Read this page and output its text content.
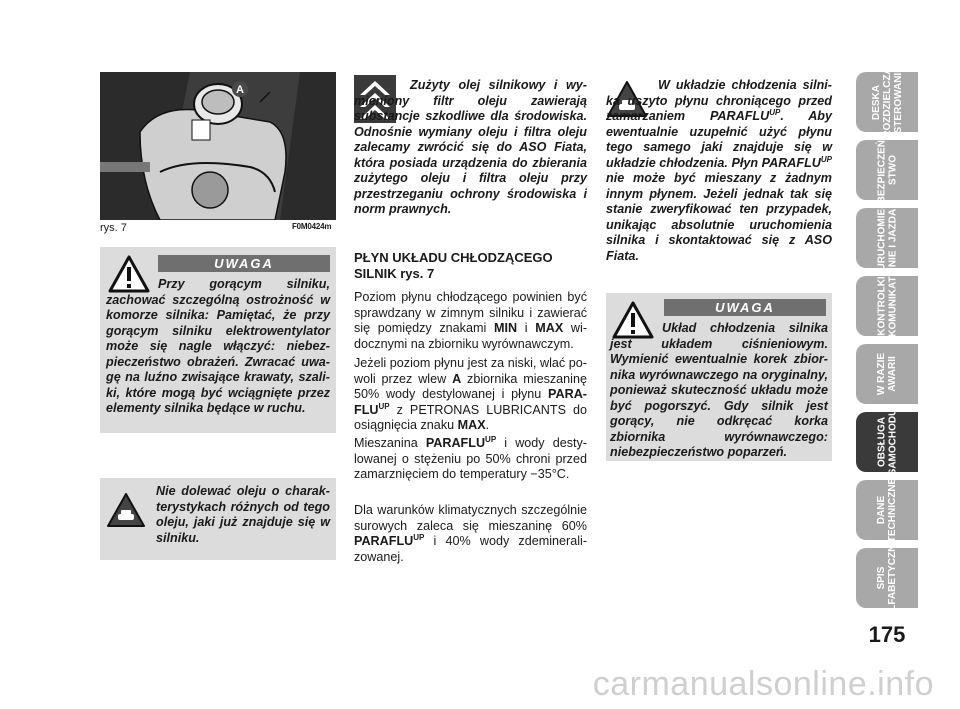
A
rys. 7	F0M0424m
UWAGA
Przy gorącym silniku, zachować szczególną ostrożność w komorze silnika: Pamiętać, że przy gorącym silniku elektrowentylator może się nagle włączyć: niebezpieczeństwo obrażeń. Zwracać uwagę na luźno zwisające krawaty, szaliki, które mogą być wciągnięte przez elementy silnika będące w ruchu.
Nie dolewać oleju o charakterystykach różnych od tego oleju, jaki już znajduje się w silniku.
Zużyty olej silnikowy i wymieniony filtr oleju zawierają substancje szkodliwe dla środowiska. Odnośnie wymiany oleju i filtra oleju zalecamy zwrócić się do ASO Fiata, która posiada urządzenia do zbierania zużytego oleju i filtra oleju przy przestrzeganiu ochrony środowiska i norm prawnych.
PŁYN UKŁADU CHŁODZĄCEGO
SILNIK rys. 7
Poziom płynu chłodzącego powinien być sprawdzany w zimnym silniku i zawierać się pomiędzy znakami MIN i MAX widocznymi na zbiorniku wyrównawczym.
Jeżeli poziom płynu jest za niski, wlać powoli przez wlew A zbiornika mieszaninę 50% wody destylowanej i płynu $PARAFLU^{UP}$ z PETRONAS LUBRICANTS do osiągnięcia znaku MAX.
Mieszanina $PARAFLU^{UP}$ i wody destylowanej o stężeniu po 50% chroni przed zamarznięciem do temperatury −35°C.
Dla warunków klimatycznych szczególnie surowych zaleca się mieszaninę 60% $PARAFLU^{UP}$ i 40% wody zdemineralizowanej.
W układzie chłodzenia silnika uszyto płynu chroniącego przed zamarzaniem $PARAFLU^{UP}$. Aby ewentualnie uzupełnić użyć płynu tego samego jaki znajduje się w układzie chłodzenia. Płyn $PARAFLU^{UP}$ nie może być mieszany z żadnym innym płynem. Jeżeli jednak tak się stanie zweryfikować ten przypadek, unikając absolutnie uruchomienia silnika i skontaktować się z ASO Fiata.
UWAGA
Układ chłodzenia silnika jest układem ciśnieniowym. Wymienić ewentualnie korek zbiornika wyrównawczego na oryginalny, ponieważ skuteczność układu może być pogorszyć. Gdy silnik jest gorący, nie odkręcać korka zbiornika wyrównawczego: niebezpieczeństwo poparzeń.
DESKA
ROZDZIELCZA
I STEROWANIE
BEZPIECZEŃ-
STWO
URUCHOMIE-
NIE I JAZDA
KONTROLKI
I KOMUNIKATY
W RAZIE
AWARII
OBSŁUGA
SAMOCHODU
DANE
TECHNICZNE
SPIS
ALFABETYCZNY
175
carmanualsonline.info
